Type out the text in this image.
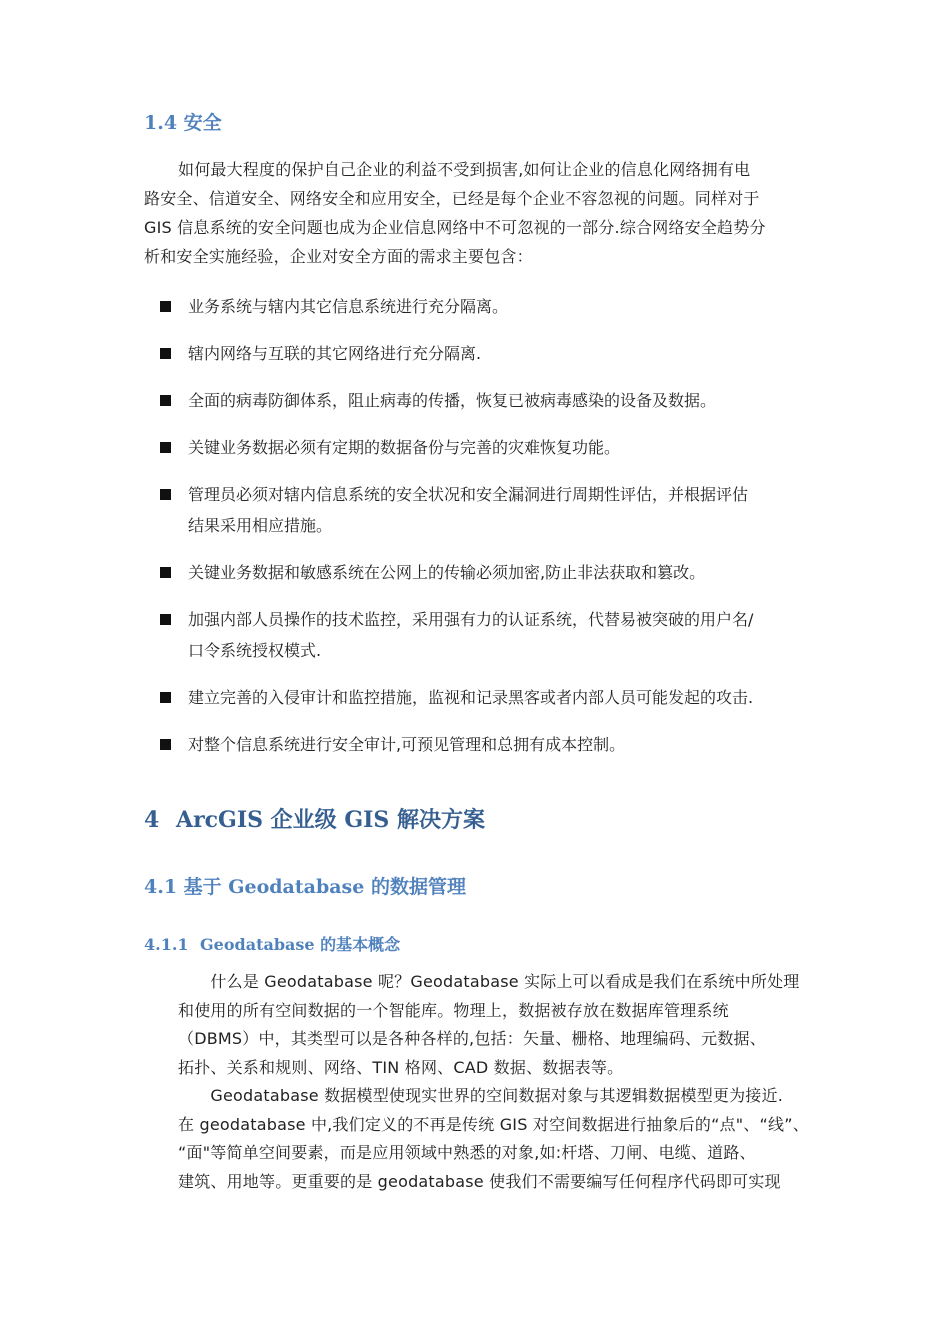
1.4 安全
如何最大程度的保护自己企业的利益不受到损害,如何让企业的信息化网络拥有电
路安全、信道安全、网络安全和应用安全，已经是每个企业不容忽视的问题。同样对于
GIS 信息系统的安全问题也成为企业信息网络中不可忽视的一部分.综合网络安全趋势分
析和安全实施经验，企业对安全方面的需求主要包含：
业务系统与辖内其它信息系统进行充分隔离。
辖内网络与互联的其它网络进行充分隔离.
全面的病毒防御体系，阻止病毒的传播，恢复已被病毒感染的设备及数据。
关键业务数据必须有定期的数据备份与完善的灾难恢复功能。
管理员必须对辖内信息系统的安全状况和安全漏洞进行周期性评估，并根据评估
结果采用相应措施。
关键业务数据和敏感系统在公网上的传输必须加密,防止非法获取和篡改。
加强内部人员操作的技术监控，采用强有力的认证系统，代替易被突破的用户名/
口令系统授权模式.
建立完善的入侵审计和监控措施，监视和记录黑客或者内部人员可能发起的攻击.
对整个信息系统进行安全审计,可预见管理和总拥有成本控制。
4 ArcGIS 企业级 GIS 解决方案
4.1 基于 Geodatabase 的数据管理
4.1.1 Geodatabase 的基本概念
　　什么是 Geodatabase 呢？Geodatabase 实际上可以看成是我们在系统中所处理
和使用的所有空间数据的一个智能库。物理上，数据被存放在数据库管理系统
（DBMS）中，其类型可以是各种各样的,包括：矢量、栅格、地理编码、元数据、
拓扑、关系和规则、网络、TIN 格网、CAD 数据、数据表等。
　　Geodatabase 数据模型使现实世界的空间数据对象与其逻辑数据模型更为接近.
在 geodatabase 中,我们定义的不再是传统 GIS 对空间数据进行抽象后的“点"、“线”、
“面"等简单空间要素，而是应用领域中熟悉的对象,如:杆塔、刀闸、电缆、道路、
建筑、用地等。更重要的是 geodatabase 使我们不需要编写任何程序代码即可实现
